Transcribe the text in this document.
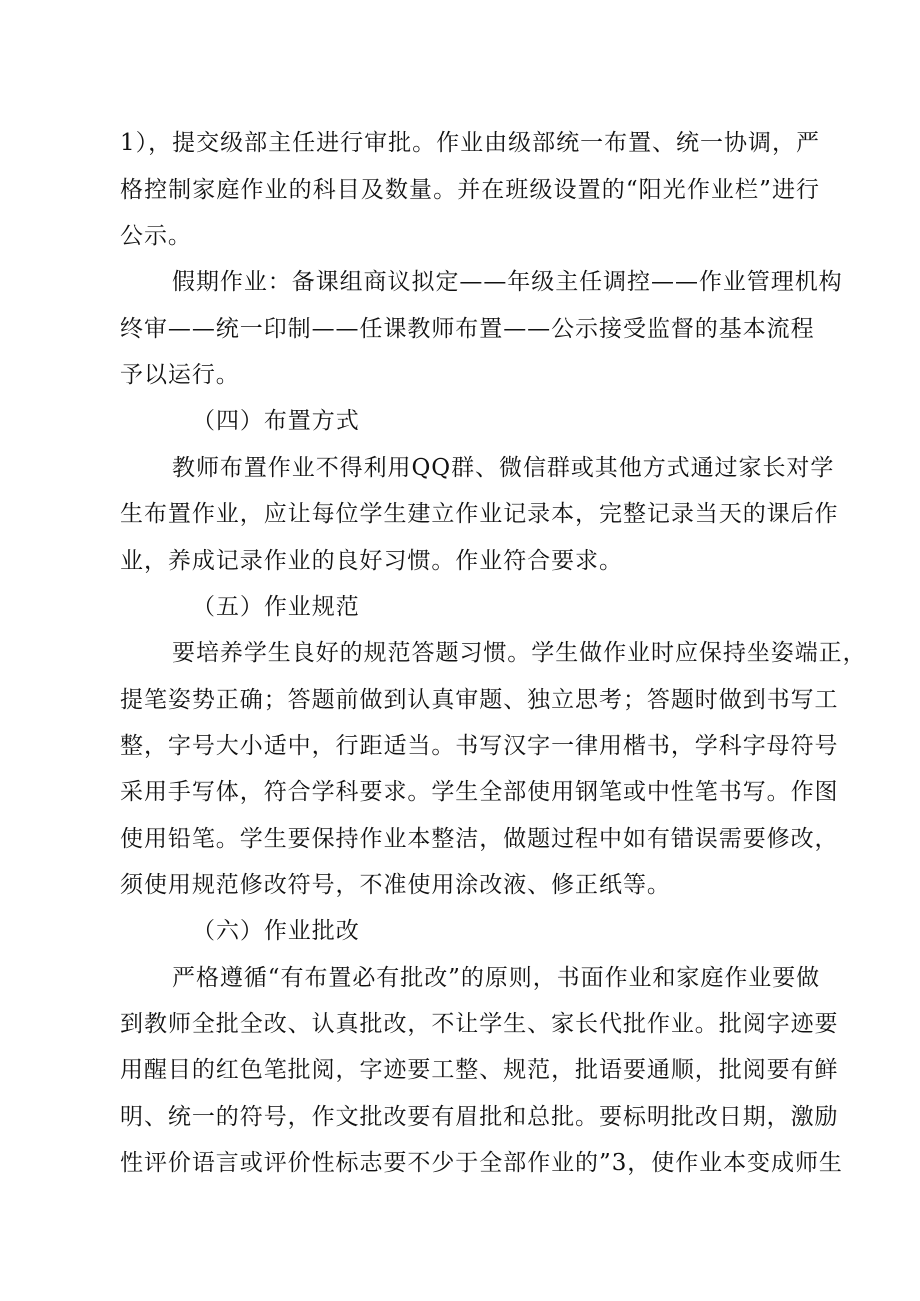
1），提交级部主任进行审批。作业由级部统一布置、统一协调，严
格控制家庭作业的科目及数量。并在班级设置的“阳光作业栏”进行
公示。
假期作业：备课组商议拟定——年级主任调控——作业管理机构
终审——统一印制——任课教师布置——公示接受监督的基本流程
予以运行。
（四）布置方式
教师布置作业不得利用QQ群、微信群或其他方式通过家长对学
生布置作业，应让每位学生建立作业记录本，完整记录当天的课后作
业，养成记录作业的良好习惯。作业符合要求。
（五）作业规范
要培养学生良好的规范答题习惯。学生做作业时应保持坐姿端正，
提笔姿势正确；答题前做到认真审题、独立思考；答题时做到书写工
整，字号大小适中，行距适当。书写汉字一律用楷书，学科字母符号
采用手写体，符合学科要求。学生全部使用钢笔或中性笔书写。作图
使用铅笔。学生要保持作业本整洁，做题过程中如有错误需要修改，
须使用规范修改符号，不准使用涂改液、修正纸等。
（六）作业批改
严格遵循“有布置必有批改”的原则，书面作业和家庭作业要做
到教师全批全改、认真批改，不让学生、家长代批作业。批阅字迹要
用醒目的红色笔批阅，字迹要工整、规范，批语要通顺，批阅要有鲜
明、统一的符号，作文批改要有眉批和总批。要标明批改日期，激励
性评价语言或评价性标志要不少于全部作业的”3，使作业本变成师生
